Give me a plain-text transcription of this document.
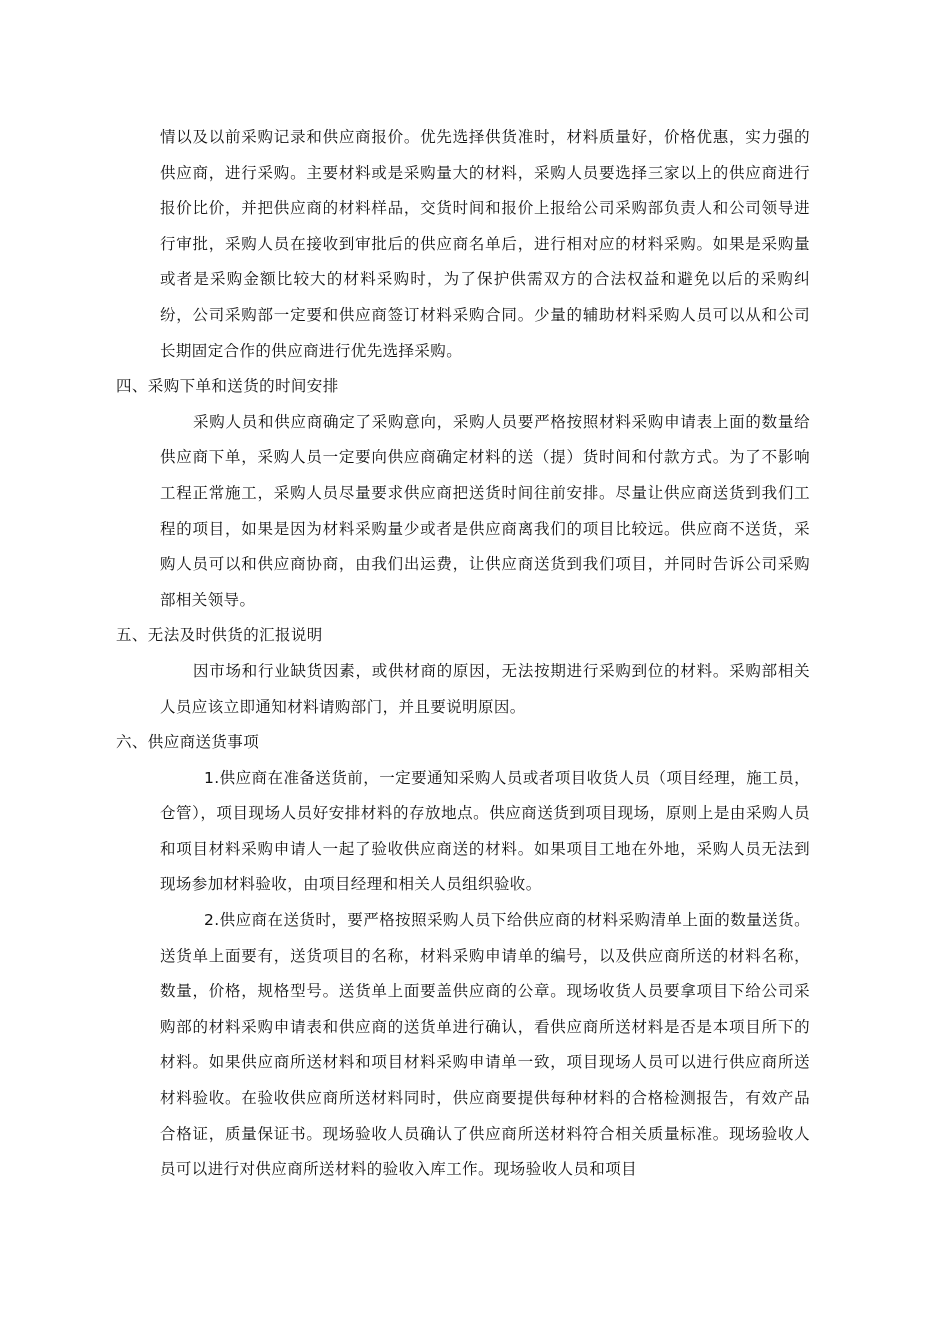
情以及以前采购记录和供应商报价。优先选择供货准时，材料质量好，价格优惠，实力强的供应商，进行采购。主要材料或是采购量大的材料，采购人员要选择三家以上的供应商进行报价比价，并把供应商的材料样品，交货时间和报价上报给公司采购部负责人和公司领导进行审批，采购人员在接收到审批后的供应商名单后，进行相对应的材料采购。如果是采购量或者是采购金额比较大的材料采购时，为了保护供需双方的合法权益和避免以后的采购纠纷，公司采购部一定要和供应商签订材料采购合同。少量的辅助材料采购人员可以从和公司长期固定合作的供应商进行优先选择采购。

四、采购下单和送货的时间安排

采购人员和供应商确定了采购意向，采购人员要严格按照材料采购申请表上面的数量给供应商下单，采购人员一定要向供应商确定材料的送（提）货时间和付款方式。为了不影响工程正常施工，采购人员尽量要求供应商把送货时间往前安排。尽量让供应商送货到我们工程的项目，如果是因为材料采购量少或者是供应商离我们的项目比较远。供应商不送货，采购人员可以和供应商协商，由我们出运费，让供应商送货到我们项目，并同时告诉公司采购部相关领导。

五、无法及时供货的汇报说明

因市场和行业缺货因素，或供材商的原因，无法按期进行采购到位的材料。采购部相关人员应该立即通知材料请购部门，并且要说明原因。

六、供应商送货事项

1.供应商在准备送货前，一定要通知采购人员或者项目收货人员（项目经理，施工员，仓管），项目现场人员好安排材料的存放地点。供应商送货到项目现场，原则上是由采购人员和项目材料采购申请人一起了验收供应商送的材料。如果项目工地在外地，采购人员无法到现场参加材料验收，由项目经理和相关人员组织验收。

2.供应商在送货时，要严格按照采购人员下给供应商的材料采购清单上面的数量送货。送货单上面要有，送货项目的名称，材料采购申请单的编号，以及供应商所送的材料名称，数量，价格，规格型号。送货单上面要盖供应商的公章。现场收货人员要拿项目下给公司采购部的材料采购申请表和供应商的送货单进行确认，看供应商所送材料是否是本项目所下的材料。如果供应商所送材料和项目材料采购申请单一致，项目现场人员可以进行供应商所送材料验收。在验收供应商所送材料同时，供应商要提供每种材料的合格检测报告，有效产品合格证，质量保证书。现场验收人员确认了供应商所送材料符合相关质量标准。现场验收人员可以进行对供应商所送材料的验收入库工作。现场验收人员和项目
